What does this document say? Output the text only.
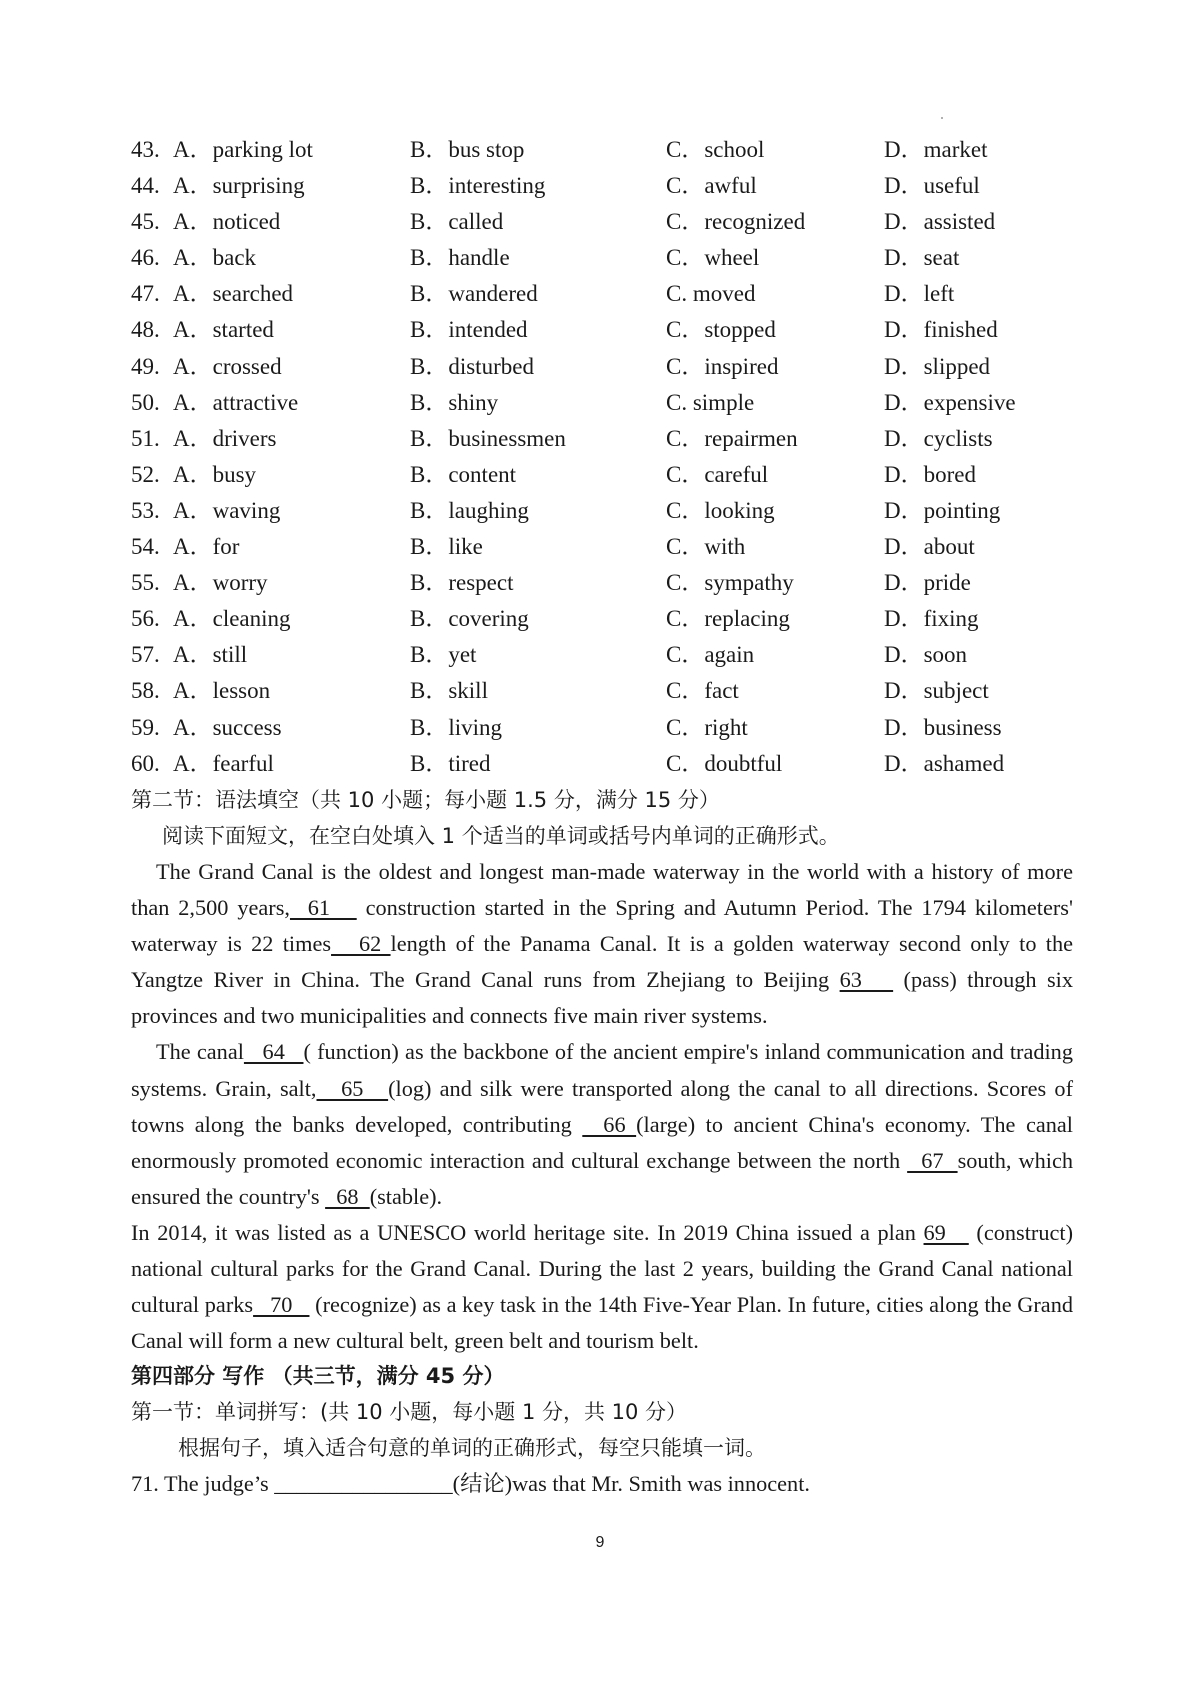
43. A．parking lot	B．bus stop	C．school	D．market
44. A．surprising	B．interesting	C．awful	D．useful
45. A．noticed	B．called	C．recognized	D．assisted
46. A．back	B．handle	C．wheel	D．seat
47. A．searched	B．wandered	C. moved	D．left
48. A．started	B．intended	C．stopped	D．finished
49. A．crossed	B．disturbed	C．inspired	D．slipped
50. A．attractive	B．shiny	C. simple	D．expensive
51. A．drivers	B．businessmen	C．repairmen	D．cyclists
52. A．busy	B．content	C．careful	D．bored
53. A．waving	B．laughing	C．looking	D．pointing
54. A．for	B．like	C．with	D．about
55. A．worry	B．respect	C．sympathy	D．pride
56. A．cleaning	B．covering	C．replacing	D．fixing
57. A．still	B．yet	C．again	D．soon
58. A．lesson	B．skill	C．fact	D．subject
59. A．success	B．living	C．right	D．business
60. A．fearful	B．tired	C．doubtful	D．ashamed
第二节：语法填空（共 10 小题；每小题 1.5 分，满分 15 分）
阅读下面短文，在空白处填入 1 个适当的单词或括号内单词的正确形式。

The Grand Canal is the oldest and longest man-made waterway in the world with a history of more than 2,500 years,  61    construction started in the Spring and Autumn Period. The 1794 kilometers' waterway is 22 times   62 length of the Panama Canal. It is a golden waterway second only to the Yangtze River in China. The Grand Canal runs from Zhejiang to Beijing 63    (pass) through six provinces and two municipalities and connects five main river systems.

The canal   64   ( function) as the backbone of the ancient empire's inland communication and trading systems. Grain, salt,   65   (log) and silk were transported along the canal to all directions. Scores of towns along the banks developed, contributing   66 (large) to ancient China's economy. The canal enormously promoted economic interaction and cultural exchange between the north   67  south, which ensured the country's   68  (stable).

In 2014, it was listed as a UNESCO world heritage site. In 2019 China issued a plan 69    (construct) national cultural parks for the Grand Canal. During the last 2 years, building the Grand Canal national cultural parks   70    (recognize) as a key task in the 14th Five-Year Plan. In future, cities along the Grand Canal will form a new cultural belt, green belt and tourism belt.

第四部分 写作 （共三节，满分 45 分）
第一节：单词拼写：(共 10 小题，每小题 1 分，共 10 分）
根据句子，填入适合句意的单词的正确形式，每空只能填一词。
71. The judge’s ________________(结论)was that Mr. Smith was innocent.
9
